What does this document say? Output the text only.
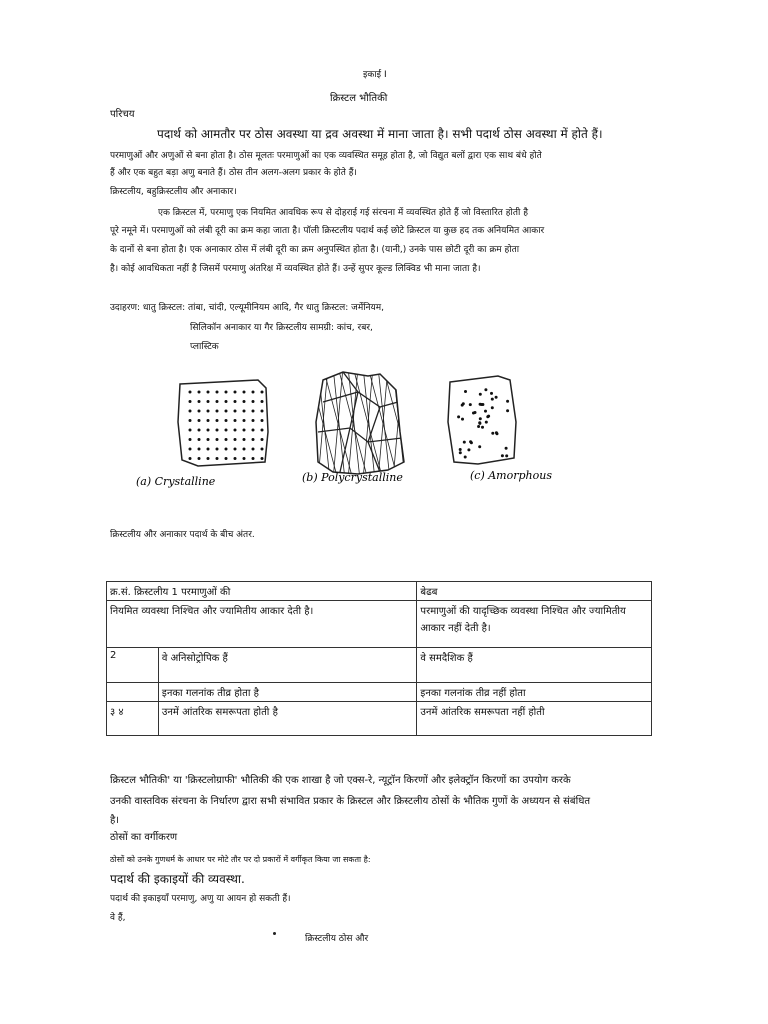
इकाई I
क्रिस्टल भौतिकी
परिचय
पदार्थ को आमतौर पर ठोस अवस्था या द्रव अवस्था में माना जाता है। सभी पदार्थ ठोस अवस्था में होते हैं।
परमाणुओं और अणुओं से बना होता है। ठोस मूलतः परमाणुओं का एक व्यवस्थित समूह होता है, जो विद्युत बलों द्वारा एक साथ बंधे होते
हैं और एक बहुत बड़ा अणु बनाते हैं। ठोस तीन अलग-अलग प्रकार के होते हैं।
क्रिस्टलीय, बहुक्रिस्टलीय और अनाकार।
एक क्रिस्टल में, परमाणु एक नियमित आवधिक रूप से दोहराई गई संरचना में व्यवस्थित होते हैं जो विस्तारित होती है
पूरे नमूने में। परमाणुओं को लंबी दूरी का क्रम कहा जाता है। पॉली क्रिस्टलीय पदार्थ कई छोटे क्रिस्टल या कुछ हद तक अनियमित आकार
के दानों से बना होता है। एक अनाकार ठोस में लंबी दूरी का क्रम अनुपस्थित होता है। (यानी,) उनके पास छोटी दूरी का क्रम होता
है। कोई आवधिकता नहीं है जिसमें परमाणु अंतरिक्ष में व्यवस्थित होते हैं। उन्हें सुपर कूल्ड लिक्विड भी माना जाता है।
उदाहरण: धातु क्रिस्टल: तांबा, चांदी, एल्यूमीनियम आदि, गैर धातु क्रिस्टल: जर्मेनियम,
सिलिकॉन अनाकार या गैर क्रिस्टलीय सामग्री: कांच, रबर,
प्लास्टिक
(a) Crystalline	(b) Polycrystalline	(c) Amorphous
क्रिस्टलीय और अनाकार पदार्थ के बीच अंतर.
क्र.सं. क्रिस्टलीय 1 परमाणुओं की		बेढब
नियमित व्यवस्था निश्चित और ज्यामितीय आकार देती है।		परमाणुओं की यादृच्छिक व्यवस्था निश्चित और ज्यामितीय आकार नहीं देती है।
2	वे अनिसोट्रोपिक हैं	वे समदैशिक हैं
	इनका गलनांक तीव्र होता है	इनका गलनांक तीव्र नहीं होता
३ ४	उनमें आंतरिक समरूपता होती है	उनमें आंतरिक समरूपता नहीं होती
क्रिस्टल भौतिकी' या 'क्रिस्टलोग्राफी' भौतिकी की एक शाखा है जो एक्स-रे, न्यूट्रॉन किरणों और इलेक्ट्रॉन किरणों का उपयोग करके
उनकी वास्तविक संरचना के निर्धारण द्वारा सभी संभावित प्रकार के क्रिस्टल और क्रिस्टलीय ठोसों के भौतिक गुणों के अध्ययन से संबंधित
है।
ठोसों का वर्गीकरण
ठोसों को उनके गुणधर्म के आधार पर मोटे तौर पर दो प्रकारों में वर्गीकृत किया जा सकता है:
पदार्थ की इकाइयों की व्यवस्था.
पदार्थ की इकाइयाँ परमाणु, अणु या आयन हो सकती हैं।
वे हैं,
क्रिस्टलीय ठोस और
